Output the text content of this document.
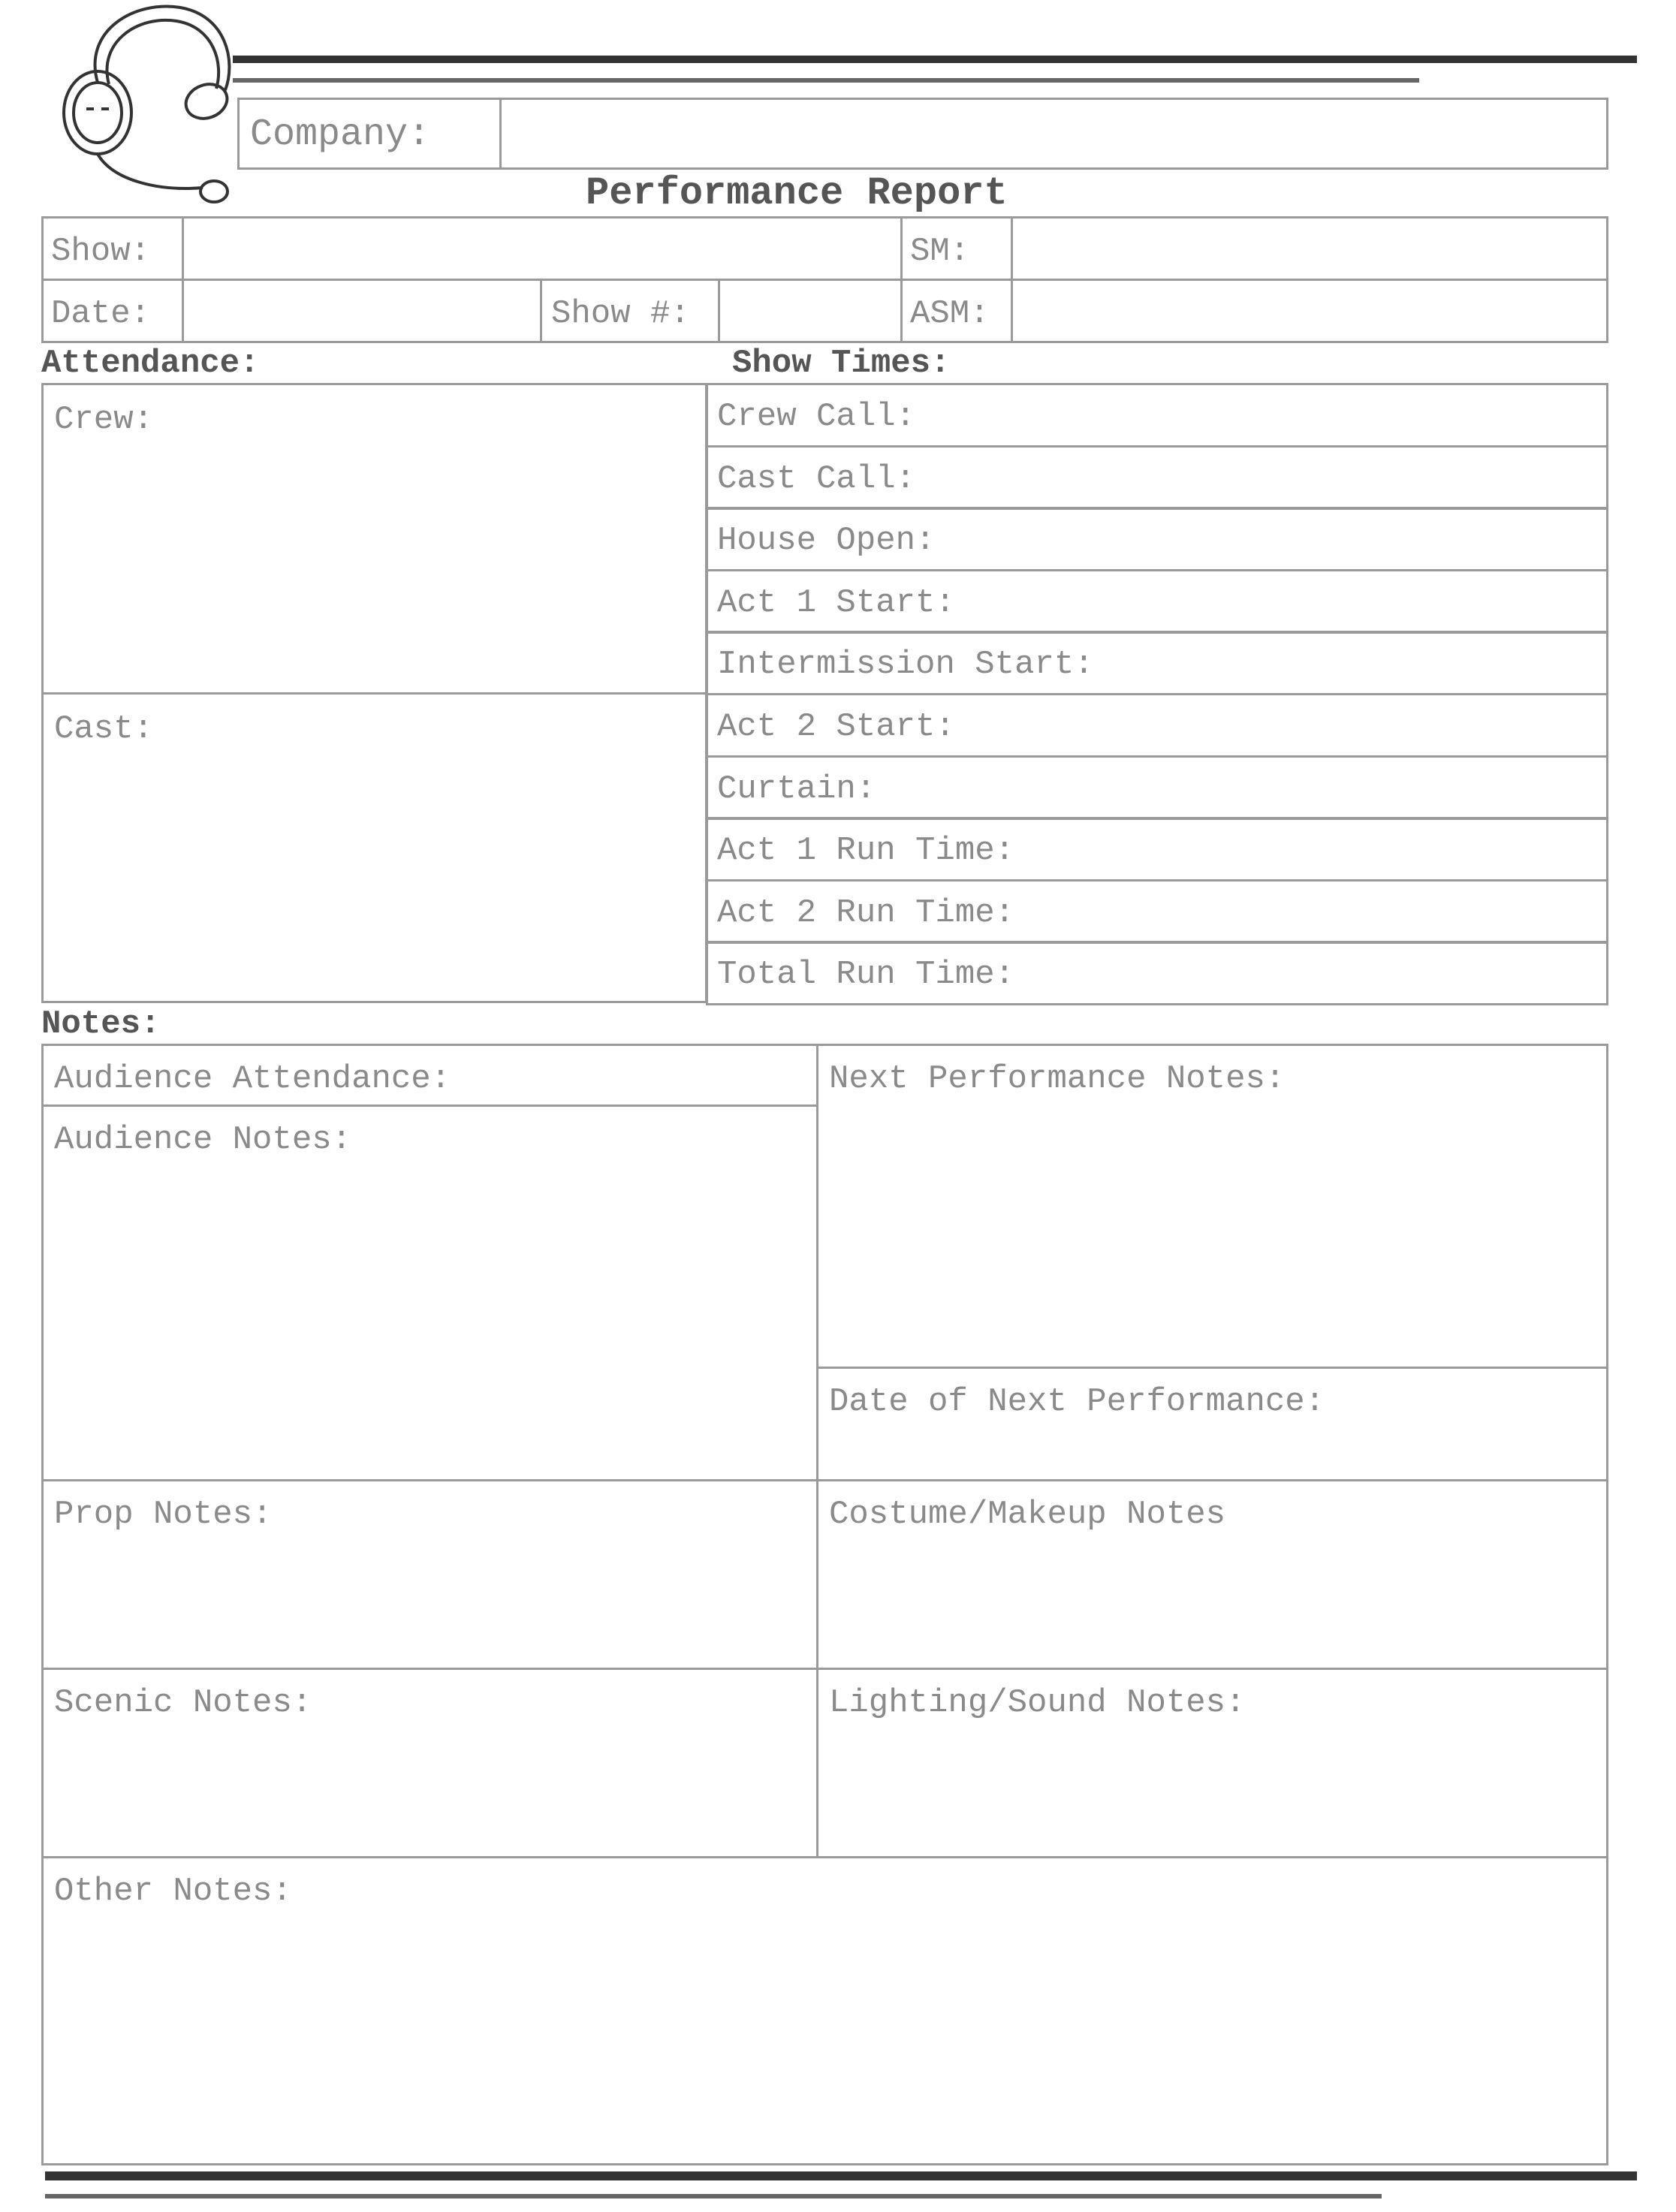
Company:
Performance Report
Show:	SM:
Date:	Show #:	ASM:
Attendance:	Show Times:
Crew:
Cast:
Crew Call:
Cast Call:
House Open:
Act 1 Start:
Intermission Start:
Act 2 Start:
Curtain:
Act 1 Run Time:
Act 2 Run Time:
Total Run Time:
Notes:
Audience Attendance:
Audience Notes:
Next Performance Notes:
Date of Next Performance:
Prop Notes:	Costume/Makeup Notes
Scenic Notes:	Lighting/Sound Notes:
Other Notes:
